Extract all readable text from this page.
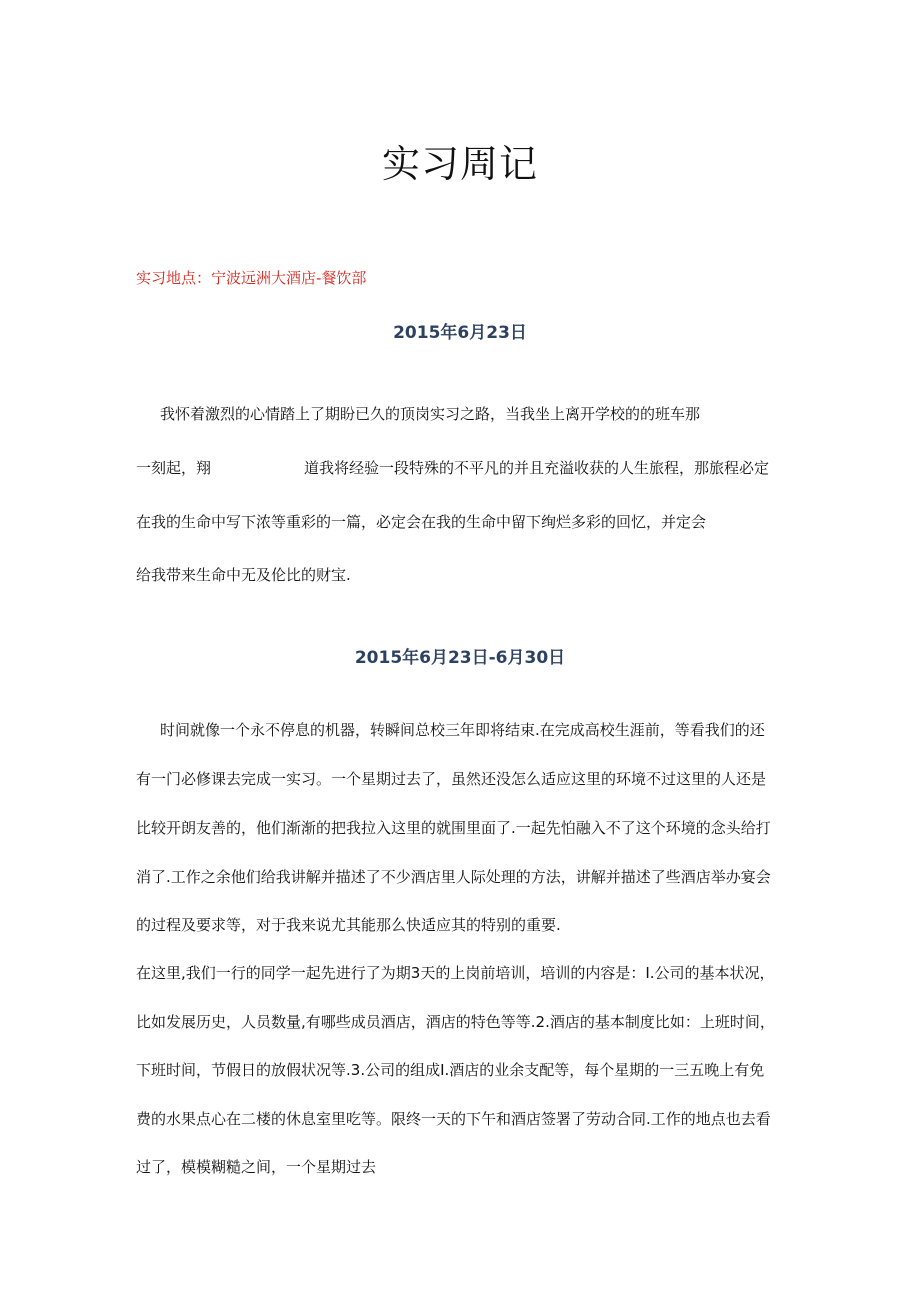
实习周记
实习地点：宁波远洲大酒店-餐饮部
2015年6月23日
我怀着激烈的心情踏上了期盼已久的顶岗实习之路，当我坐上离开学校的的班车那
一刻起，翔	道我将经验一段特殊的不平凡的并且充溢收获的人生旅程，那旅程必定
在我的生命中写下浓等重彩的一篇，必定会在我的生命中留下绚烂多彩的回忆，并定会
给我带来生命中无及伦比的财宝.
2015年6月23日-6月30日
时间就像一个永不停息的机器，转瞬间总校三年即将结束.在完成高校生涯前，等看我们的还
有一门必修课去完成一实习。一个星期过去了，虽然还没怎么适应这里的环境不过这里的人还是
比较开朗友善的，他们渐渐的把我拉入这里的就围里面了.一起先怕融入不了这个环境的念头给打
消了.工作之余他们给我讲解并描述了不少酒店里人际处理的方法，讲解并描述了些酒店举办宴会
的过程及要求等，对于我来说尤其能那么快适应其的特别的重要.
在这里,我们一行的同学一起先进行了为期3天的上岗前培训，培训的内容是：I.公司的基本状况，
比如发展历史，人员数量,有哪些成员酒店，酒店的特色等等.2.酒店的基本制度比如：上班时间，
下班时间，节假日的放假状况等.3.公司的组成I.酒店的业余支配等，每个星期的一三五晚上有免
费的水果点心在二楼的休息室里吃等。限终一天的下午和酒店签署了劳动合同.工作的地点也去看
过了，模模糊糙之间，一个星期过去
